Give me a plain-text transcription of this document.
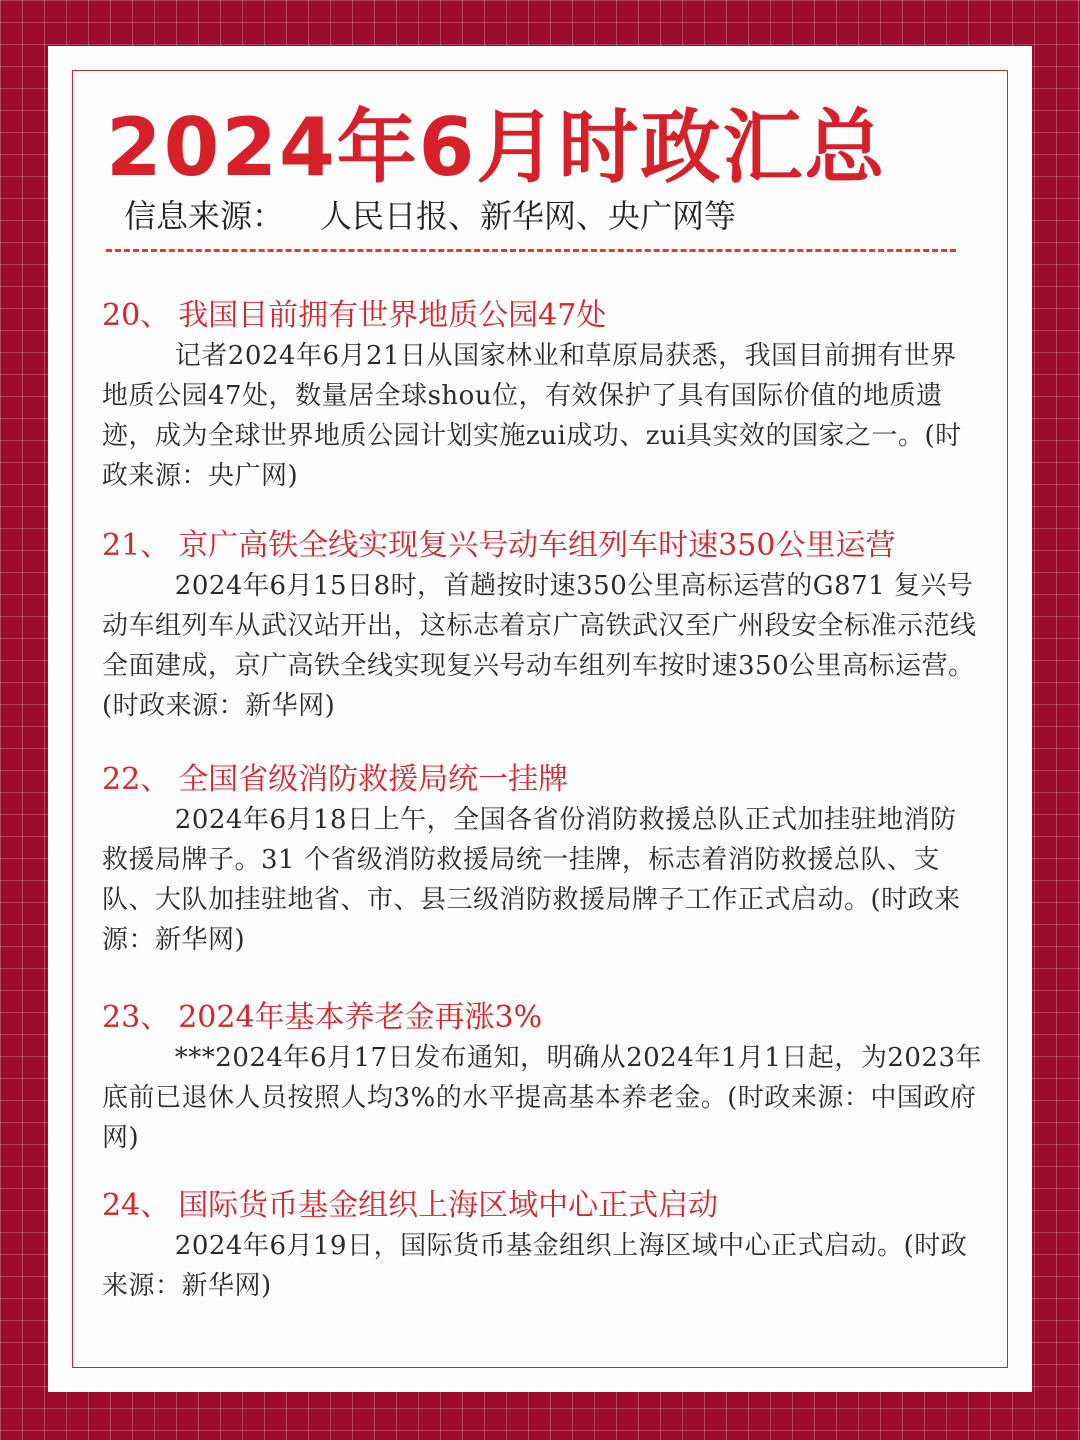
2024年6月时政汇总
信息来源： 人民日报、新华网、央广网等
20、 我国目前拥有世界地质公园47处

记者2024年6月21日从国家林业和草原局获悉，我国目前拥有世界地质公园47处，数量居全球shou位，有效保护了具有国际价值的地质遗迹，成为全球世界地质公园计划实施zui成功、zui具实效的国家之一。(时政来源：央广网)

21、 京广高铁全线实现复兴号动车组列车时速350公里运营

2024年6月15日8时，首趟按时速350公里高标运营的G871 复兴号动车组列车从武汉站开出，这标志着京广高铁武汉至广州段安全标准示范线全面建成，京广高铁全线实现复兴号动车组列车按时速350公里高标运营。(时政来源：新华网)

22、 全国省级消防救援局统一挂牌

2024年6月18日上午，全国各省份消防救援总队正式加挂驻地消防救援局牌子。31 个省级消防救援局统一挂牌，标志着消防救援总队、支队、大队加挂驻地省、市、县三级消防救援局牌子工作正式启动。(时政来源：新华网)

23、 2024年基本养老金再涨3%

***2024年6月17日发布通知，明确从2024年1月1日起，为2023年底前已退休人员按照人均3%的水平提高基本养老金。(时政来源：中国政府网)

24、 国际货币基金组织上海区域中心正式启动

2024年6月19日，国际货币基金组织上海区域中心正式启动。(时政来源：新华网)
